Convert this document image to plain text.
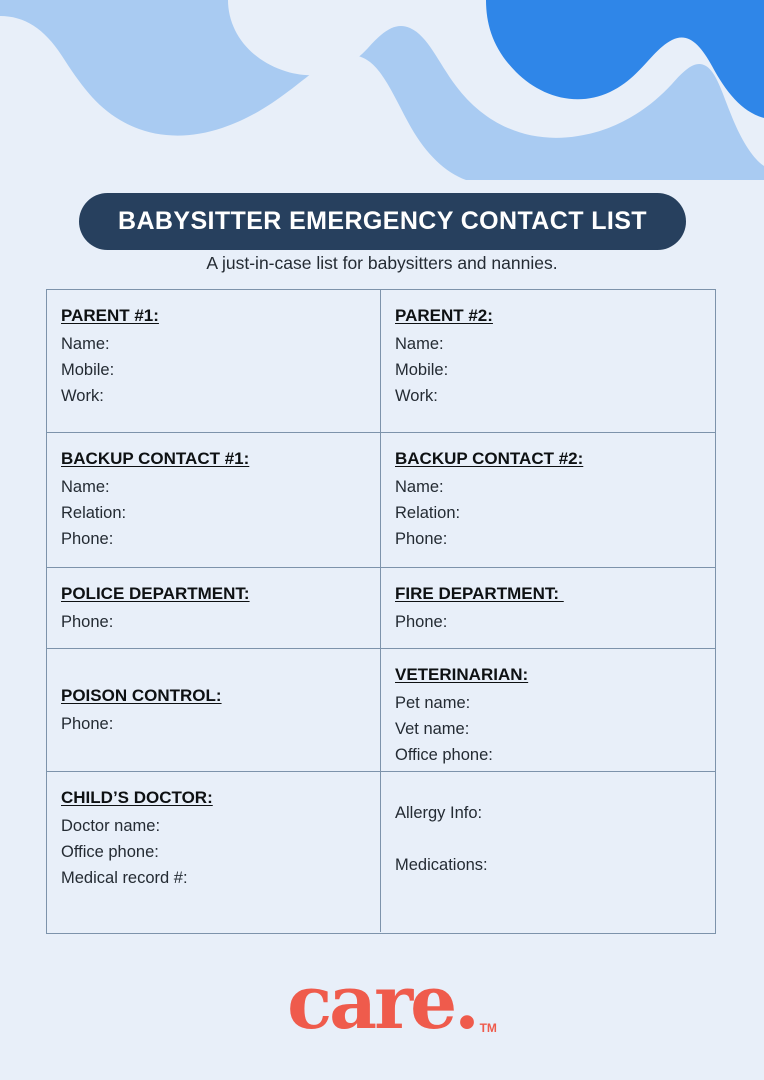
BABYSITTER EMERGENCY CONTACT LIST
A just-in-case list for babysitters and nannies.
PARENT #1:
Name:
Mobile:
Work:
PARENT #2:
Name:
Mobile:
Work:
BACKUP CONTACT #1:
Name:
Relation:
Phone:
BACKUP CONTACT #2:
Name:
Relation:
Phone:
POLICE DEPARTMENT:
Phone:
FIRE DEPARTMENT:
Phone:
POISON CONTROL:
Phone:
VETERINARIAN:
Pet name:
Vet name:
Office phone:
CHILD’S DOCTOR:
Doctor name:
Office phone:
Medical record #:
Allergy Info:
Medications:
care. TM
